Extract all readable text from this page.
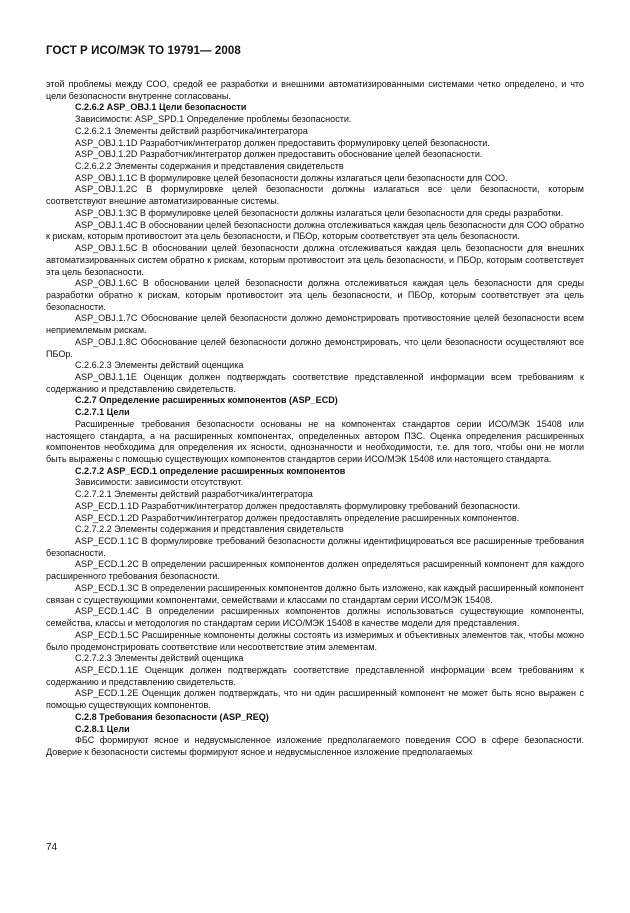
ГОСТ Р ИСО/МЭК ТО 19791— 2008

этой проблемы между СОО, средой ее разработки и внешними автоматизированными системами четко определено, и что цели безопасности внутренне согласованы.

С.2.6.2 ASP_OBJ.1 Цели безопасности

Зависимости: ASP_SPD.1 Определение проблемы безопасности.

С.2.6.2.1 Элементы действий разрботчика/интегратора

ASP_OBJ.1.1D Разработчик/интегратор должен предоставить формулировку целей безопасности.

ASP_OBJ.1.2D Разработчик/интегратор должен предоставить обоснование целей безопасности.

С.2.6.2.2 Элементы содержания и представления свидетельств

ASP_OBJ.1.1C В формулировке целей безопасности должны излагаться цели безопасности для СОО.

ASP_OBJ.1.2C В формулировке целей безопасности должны излагаться все цели безопасности, которым соответствуют внешние автоматизированные системы.

ASP_OBJ.1.3C В формулировке целей безопасности должны излагаться цели безопасности для среды разработки.

ASP_OBJ.1.4C В обосновании целей безопасности должна отслеживаться каждая цель безопасности для СОО обратно к рискам, которым противостоит эта цель безопасности, и ПБОр, которым соответствует эта цель безопасности.

ASP_OBJ.1.5C В обосновании целей безопасности должна отслеживаться каждая цель безопасности для внешних автоматизированных систем обратно к рискам, которым противостоит эта цель безопасности, и ПБОр, которым соответствует эта цель безопасности.

ASP_OBJ.1.6C В обосновании целей безопасности должна отслеживаться каждая цель безопасности для среды разработки обратно к рискам, которым противостоит эта цель безопасности, и ПБОр, которым соответствует эта цель безопасности.

ASP_OBJ.1.7C Обоснование целей безопасности должно демонстрировать противостояние целей безопасности всем неприемлемым рискам.

ASP_OBJ.1.8C Обоснование целей безопасности должно демонстрировать, что цели безопасности осуществляют все ПБОр.

С.2.6.2.3 Элементы действий оценщика

ASP_OBJ.1.1E Оценщик должен подтверждать соответствие представленной информации всем требованиям к содержанию и представлению свидетельств.

С.2.7 Определение расширенных компонентов (ASP_ECD)

С.2.7.1 Цели

Расширенные требования безопасности основаны не на компонентах стандартов серии ИСО/МЭК 15408 или настоящего стандарта, а на расширенных компонентах, определенных автором ПЗС. Оценка определения расширенных компонентов необходима для определения их ясности, однозначности и необходимости, т.е. для того, чтобы они не могли быть выражены с помощью существующих компонентов стандартов серии ИСО/МЭК 15408 или настоящего стандарта.

С.2.7.2 ASP_ECD.1 определение расширенных компонентов

Зависимости: зависимости отсутствуют.

С.2.7.2.1 Элементы действий разработчика/интегратора

ASP_ECD.1.1D Разработчик/интегратор должен предоставлять формулировку требований безопасности.

ASP_ECD.1.2D Разработчик/интегратор должен предоставлять определение расширенных компонентов.

С.2.7.2.2 Элементы содержания и представления свидетельств

ASP_ECD.1.1C В формулировке требований безопасности должны идентифицироваться все расширенные требования безопасности.

ASP_ECD.1.2C В определении расширенных компонентов должен определяться расширенный компонент для каждого расширенного требования безопасности.

ASP_ECD.1.3C В определении расширенных компонентов должно быть изложено, как каждый расширенный компонент связан с существующими компонентами, семействами и классами по стандартам серии ИСО/МЭК 15408.

ASP_ECD.1.4C В определении расширенных компонентов должны использоваться существующие компоненты, семейства, классы и методология по стандартам серии ИСО/МЭК 15408 в качестве модели для представления.

ASP_ECD.1.5C Расширенные компоненты должны состоять из измеримых и объективных элементов так, чтобы можно было продемонстрировать соответствие или несоответствие этим элементам.

С.2.7.2.3 Элементы действий оценщика

ASP_ECD.1.1E Оценщик должен подтверждать соответствие представленной информации всем требованиям к содержанию и представлению свидетельств.

ASP_ECD.1.2E Оценщик должен подтверждать, что ни один расширенный компонент не может быть ясно выражен с помощью существующих компонентов.

С.2.8 Требования безопасности (ASP_REQ)

С.2.8.1 Цели

ФБС формируют ясное и недвусмысленное изложение предполагаемого поведения СОО в сфере безопасности. Доверие к безопасности системы формируют ясное и недвусмысленное изложение предполагаемых

74
